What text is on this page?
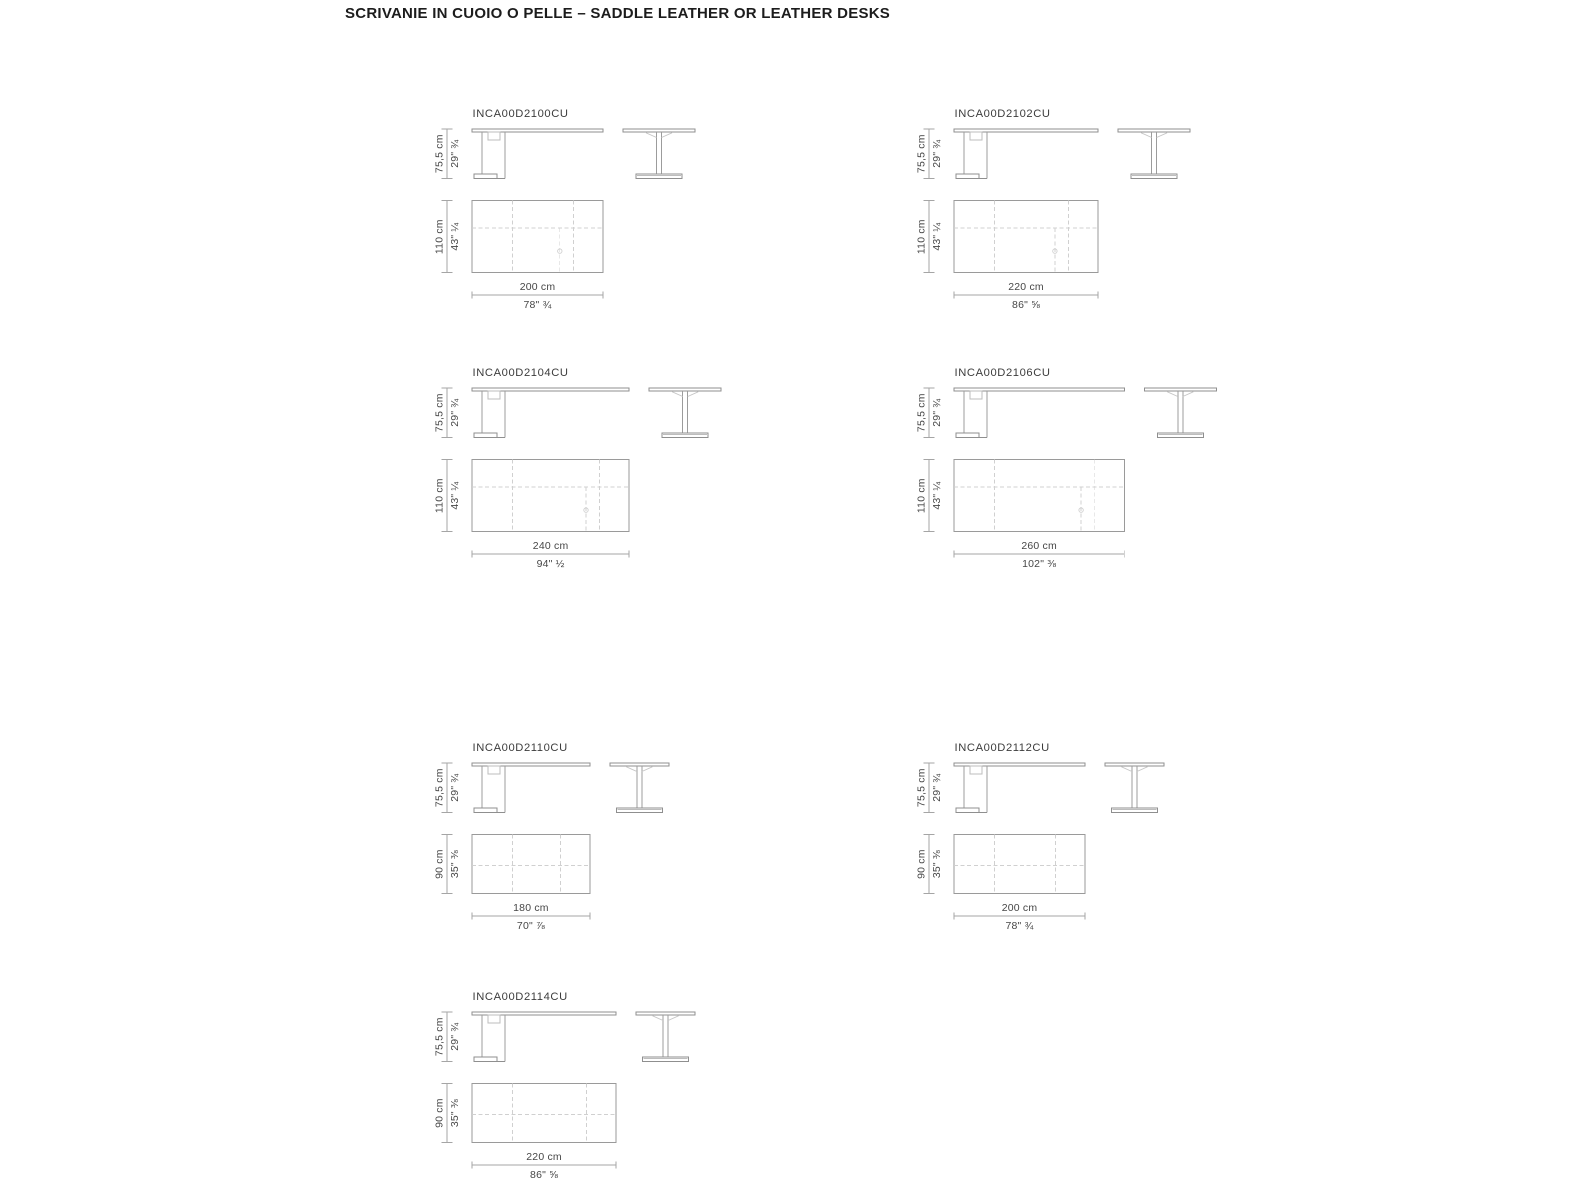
SCRIVANIE IN CUOIO O PELLE – SADDLE LEATHER OR LEATHER DESKS
INCA00D2100CU
75,5 cm 29" ¾
110 cm 43" ¼
200 cm
78" ¾
INCA00D2102CU
75,5 cm 29" ¾
110 cm 43" ¼
220 cm
86" ⅝
INCA00D2104CU
75,5 cm 29" ¾
110 cm 43" ¼
240 cm
94" ½
INCA00D2106CU
75,5 cm 29" ¾
110 cm 43" ¼
260 cm
102" ⅜
INCA00D2110CU
75,5 cm 29" ¾
90 cm 35" ⅜
180 cm
70" ⅞
INCA00D2112CU
75,5 cm 29" ¾
90 cm 35" ⅜
200 cm
78" ¾
INCA00D2114CU
75,5 cm 29" ¾
90 cm 35" ⅜
220 cm
86" ⅝
